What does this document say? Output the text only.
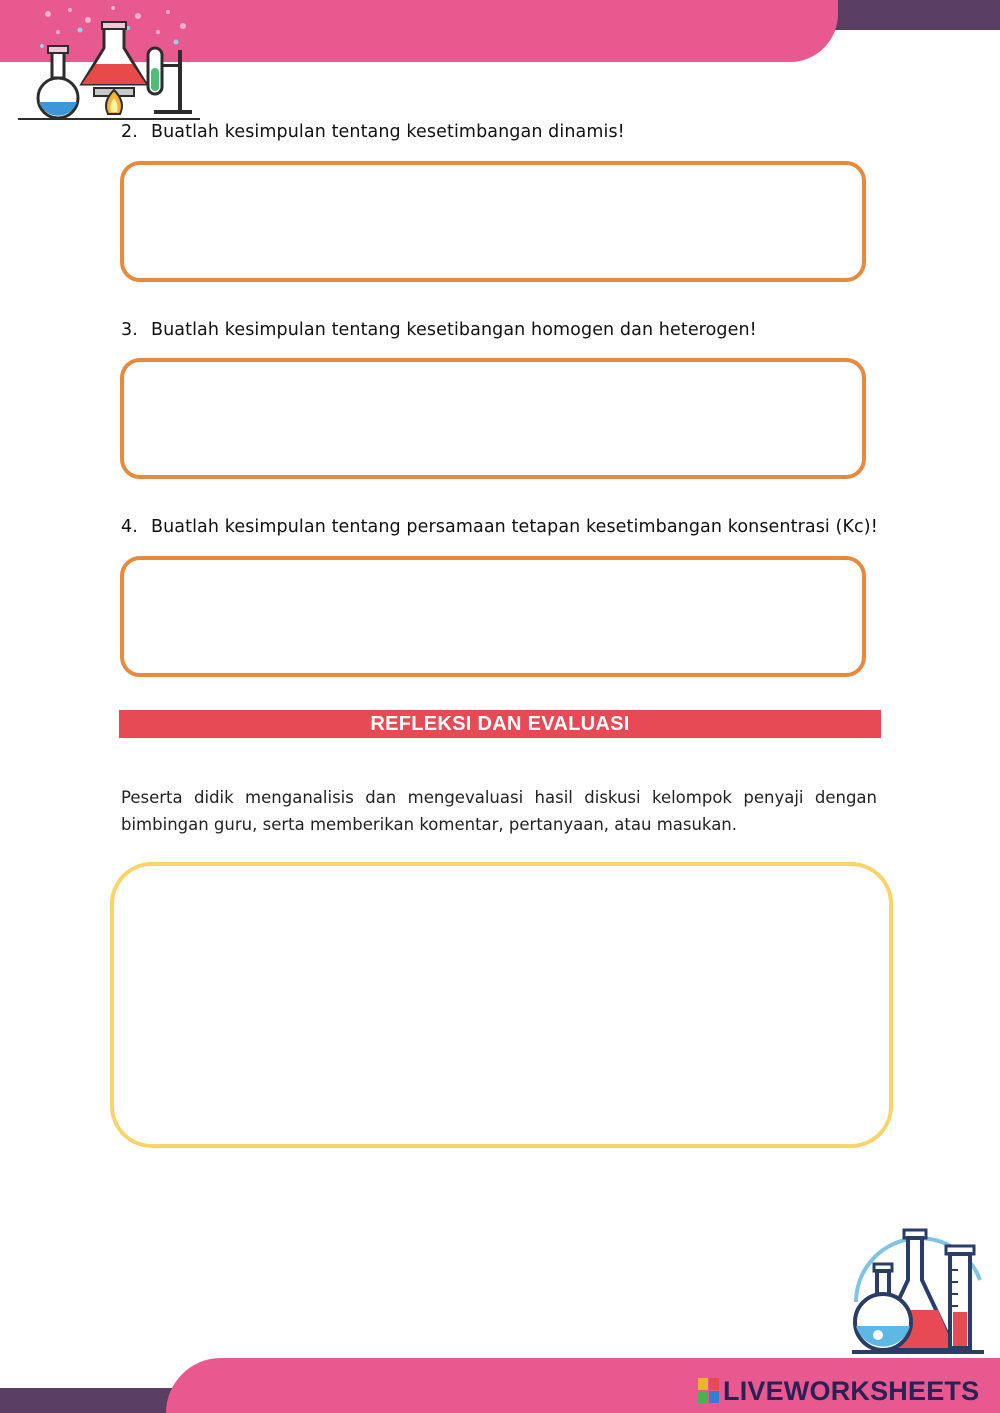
2. Buatlah kesimpulan tentang kesetimbangan dinamis!
3. Buatlah kesimpulan tentang kesetibangan homogen dan heterogen!
4. Buatlah kesimpulan tentang persamaan tetapan kesetimbangan konsentrasi (Kc)!
REFLEKSI DAN EVALUASI
Peserta didik menganalisis dan mengevaluasi hasil diskusi kelompok penyaji dengan bimbingan guru, serta memberikan komentar, pertanyaan, atau masukan.
LIVEWORKSHEETS
